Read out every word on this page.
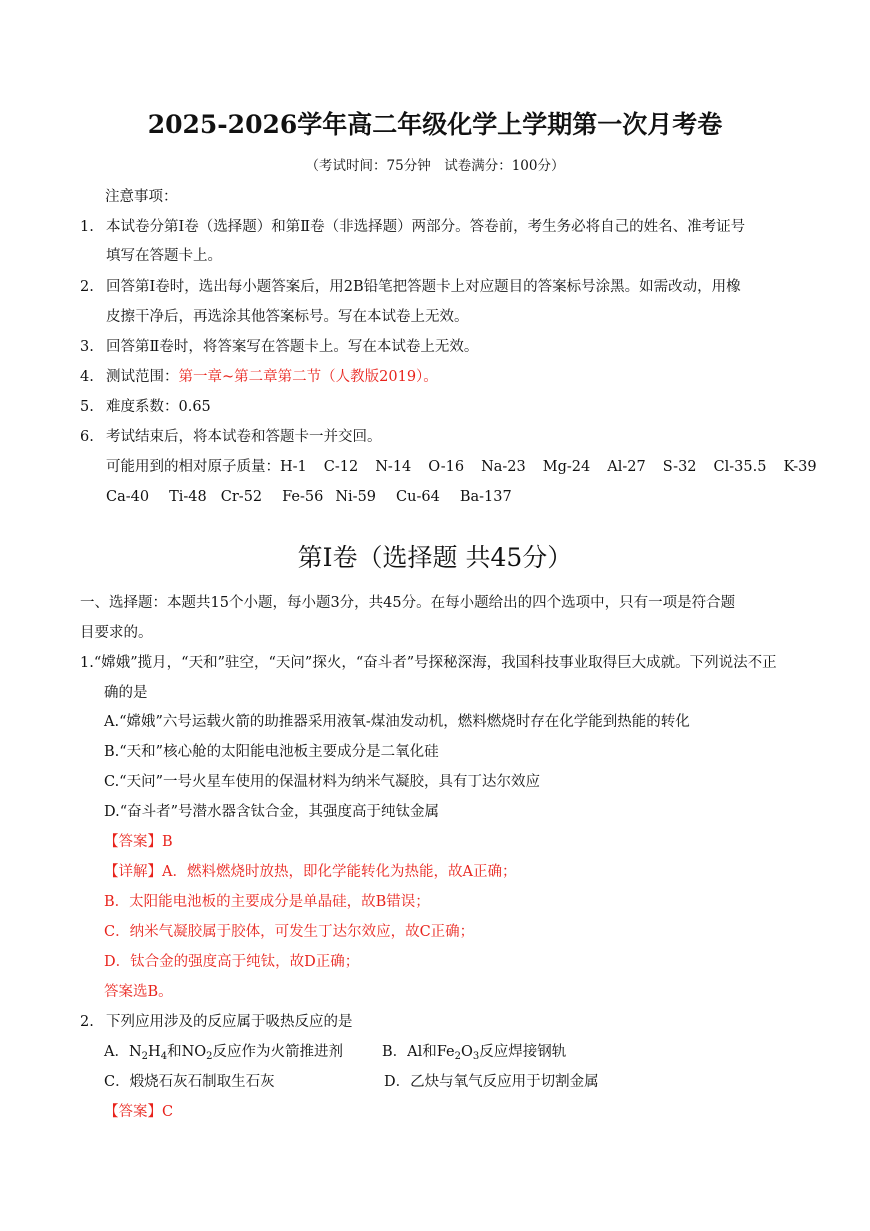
2025-2026学年高二年级化学上学期第一次月考卷
（考试时间：75分钟　试卷满分：100分）
注意事项：
1. 本试卷分第Ⅰ卷（选择题）和第Ⅱ卷（非选择题）两部分。答卷前，考生务必将自己的姓名、准考证号
填写在答题卡上。
2. 回答第Ⅰ卷时，选出每小题答案后，用2B铅笔把答题卡上对应题目的答案标号涂黑。如需改动，用橡
皮擦干净后，再选涂其他答案标号。写在本试卷上无效。
3. 回答第Ⅱ卷时，将答案写在答题卡上。写在本试卷上无效。
4. 测试范围：第一章~第二章第二节（人教版2019）。
5. 难度系数：0.65
6. 考试结束后，将本试卷和答题卡一并交回。
可能用到的相对原子质量：H-1 C-12 N-14 O-16 Na-23 Mg-24 Al-27 S-32 Cl-35.5 K-39
Ca-40 Ti-48 Cr-52 Fe-56 Ni-59 Cu-64 Ba-137
第Ⅰ卷（选择题 共45分）
一、选择题：本题共15个小题，每小题3分，共45分。在每小题给出的四个选项中，只有一项是符合题
目要求的。
1.“嫦娥”揽月，“天和”驻空，“天问”探火，“奋斗者”号探秘深海，我国科技事业取得巨大成就。下列说法不正
确的是
A.“嫦娥”六号运载火箭的助推器采用液氧-煤油发动机，燃料燃烧时存在化学能到热能的转化
B.“天和”核心舱的太阳能电池板主要成分是二氧化硅
C.“天问”一号火星车使用的保温材料为纳米气凝胶，具有丁达尔效应
D.“奋斗者”号潜水器含钛合金，其强度高于纯钛金属
【答案】B
【详解】A．燃料燃烧时放热，即化学能转化为热能，故A正确；
B．太阳能电池板的主要成分是单晶硅，故B错误；
C．纳米气凝胶属于胶体，可发生丁达尔效应，故C正确；
D．钛合金的强度高于纯钛，故D正确；
答案选B。
2. 下列应用涉及的反应属于吸热反应的是
A．$N_2H_4$和$NO_2$反应作为火箭推进剂	B．Al和$Fe_2O_3$反应焊接钢轨
C．煅烧石灰石制取生石灰	D．乙炔与氧气反应用于切割金属
【答案】C
